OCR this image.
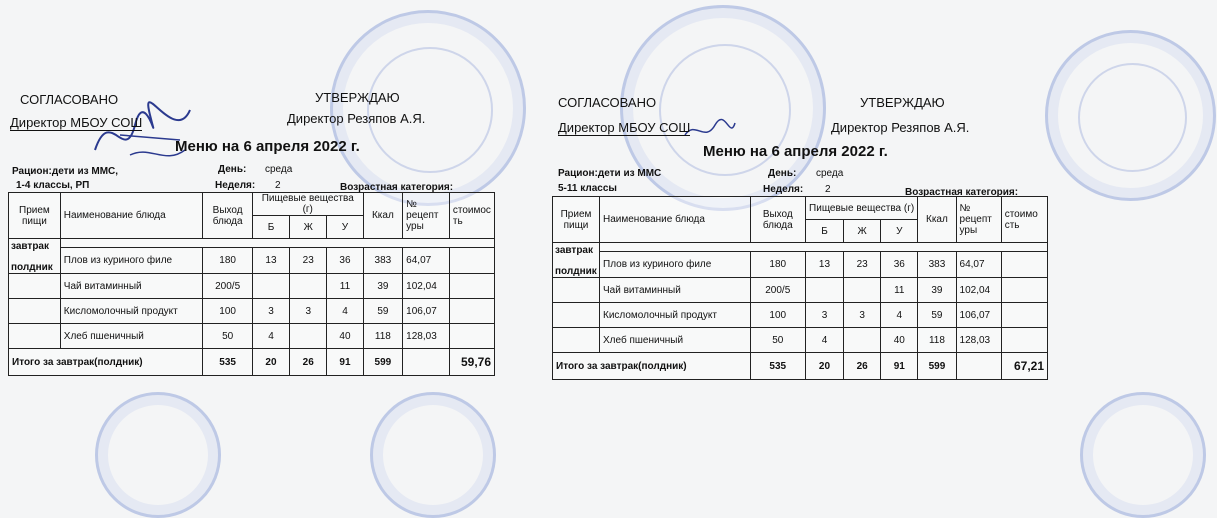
СОГЛАСОВАНО	УТВЕРЖДАЮ
Директор МБОУ СОШ	Директор Резяпов А.Я.
Меню на 6 апреля 2022 г.
Рацион:дети из МMС,
1-4 классы, РП
День: среда
Неделя: 2	Возрастная категория:
Прием пищи	Наименование блюда	Выход блюда	Пищевые вещества (г)			Ккал	№ рецепт уры	стоимос ть
			Б	Ж	У			

завтрак
полдник								

	Плов из куриного филе	180	13	23	36	383	64,07	
	Чай витаминный	200/5			11	39	102,04	
	Кисломолочный продукт	100	3	3	4	59	106,07	
	Хлеб пшеничный	50	4		40	118	128,03	
Итого за завтрак(полдник)		535	20	26	91	599		59,76
СОГЛАСОВАНО	УТВЕРЖДАЮ
Директор МБОУ СОШ	Директор Резяпов А.Я.
Меню на 6 апреля 2022 г.
Рацион:дети из МMС
5-11 классы
День: среда
Неделя: 2	Возрастная категория:
Прием пищи	Наименование блюда	Выход блюда	Пищевые вещества (г)			Ккал	№ рецепт уры	стоимо сть
			Б	Ж	У			

завтрак
полдник								

	Плов из куриного филе	180	13	23	36	383	64,07	
	Чай витаминный	200/5			11	39	102,04	
	Кисломолочный продукт	100	3	3	4	59	106,07	
	Хлеб пшеничный	50	4		40	118	128,03	
Итого за завтрак(полдник)		535	20	26	91	599		67,21
